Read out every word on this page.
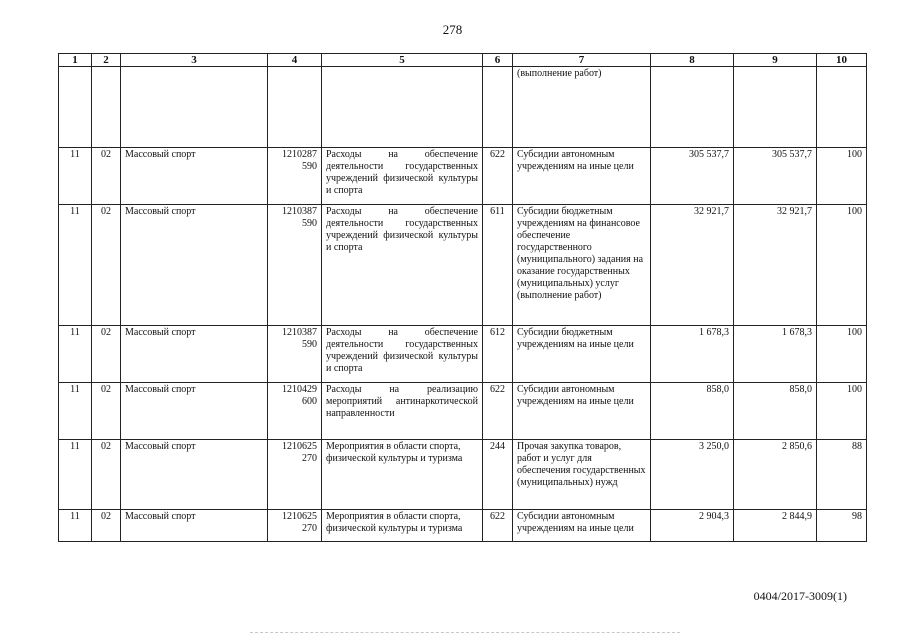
278
1	2	3	4	5	6	7	8	9	10
						(выполнение работ)			
11	02	Массовый спорт	1210287 590	Расходы на обеспечение деятельности государственных учреждений физической культуры и спорта	622	Субсидии автономным учреждениям на иные цели	305 537,7	305 537,7	100
11	02	Массовый спорт	1210387 590	Расходы на обеспечение деятельности государственных учреждений физической культуры и спорта	611	Субсидии бюджетным учреждениям на финансовое обеспечение государственного (муниципального) задания на оказание государственных (муниципальных) услуг (выполнение работ)	32 921,7	32 921,7	100
11	02	Массовый спорт	1210387 590	Расходы на обеспечение деятельности государственных учреждений физической культуры и спорта	612	Субсидии бюджетным учреждениям на иные цели	1 678,3	1 678,3	100
11	02	Массовый спорт	1210429 600	Расходы на реализацию мероприятий антинаркотической направленности	622	Субсидии автономным учреждениям на иные цели	858,0	858,0	100
11	02	Массовый спорт	1210625 270	Мероприятия в области спорта, физической культуры и туризма	244	Прочая закупка товаров, работ и услуг для обеспечения государственных (муниципальных) нужд	3 250,0	2 850,6	88
11	02	Массовый спорт	1210625 270	Мероприятия в области спорта, физической культуры и туризма	622	Субсидии автономным учреждениям на иные цели	2 904,3	2 844,9	98
0404/2017-3009(1)
